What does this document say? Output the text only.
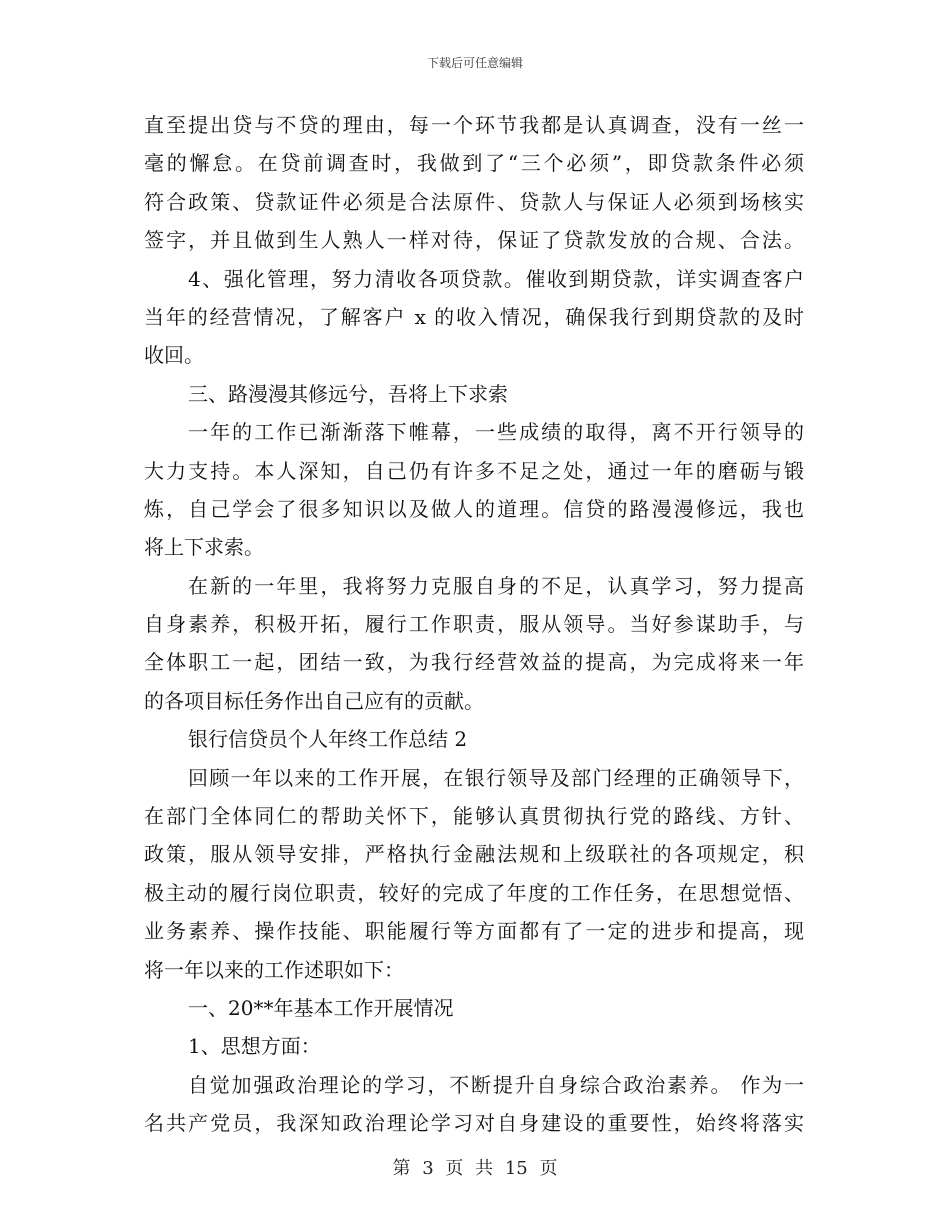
下载后可任意编辑
直至提出贷与不贷的理由，每一个环节我都是认真调查，没有一丝一
毫的懈怠。在贷前调查时，我做到了“三个必须”，即贷款条件必须
符合政策、贷款证件必须是合法原件、贷款人与保证人必须到场核实
签字，并且做到生人熟人一样对待，保证了贷款发放的合规、合法。
4、强化管理，努力清收各项贷款。催收到期贷款，详实调查客户
当年的经营情况，了解客户 x 的收入情况，确保我行到期贷款的及时
收回。
三、路漫漫其修远兮，吾将上下求索
一年的工作已渐渐落下帷幕，一些成绩的取得，离不开行领导的
大力支持。本人深知，自己仍有许多不足之处，通过一年的磨砺与锻
炼，自己学会了很多知识以及做人的道理。信贷的路漫漫修远，我也
将上下求索。
在新的一年里，我将努力克服自身的不足，认真学习，努力提高
自身素养，积极开拓，履行工作职责，服从领导。当好参谋助手，与
全体职工一起，团结一致，为我行经营效益的提高，为完成将来一年
的各项目标任务作出自己应有的贡献。
银行信贷员个人年终工作总结 2
回顾一年以来的工作开展，在银行领导及部门经理的正确领导下，
在部门全体同仁的帮助关怀下，能够认真贯彻执行党的路线、方针、
政策，服从领导安排，严格执行金融法规和上级联社的各项规定，积
极主动的履行岗位职责，较好的完成了年度的工作任务，在思想觉悟、
业务素养、操作技能、职能履行等方面都有了一定的进步和提高，现
将一年以来的工作述职如下：
一、20**年基本工作开展情况
1、思想方面：
自觉加强政治理论的学习，不断提升自身综合政治素养。 作为一
名共产党员，我深知政治理论学习对自身建设的重要性，始终将落实
第 3 页 共 15 页
